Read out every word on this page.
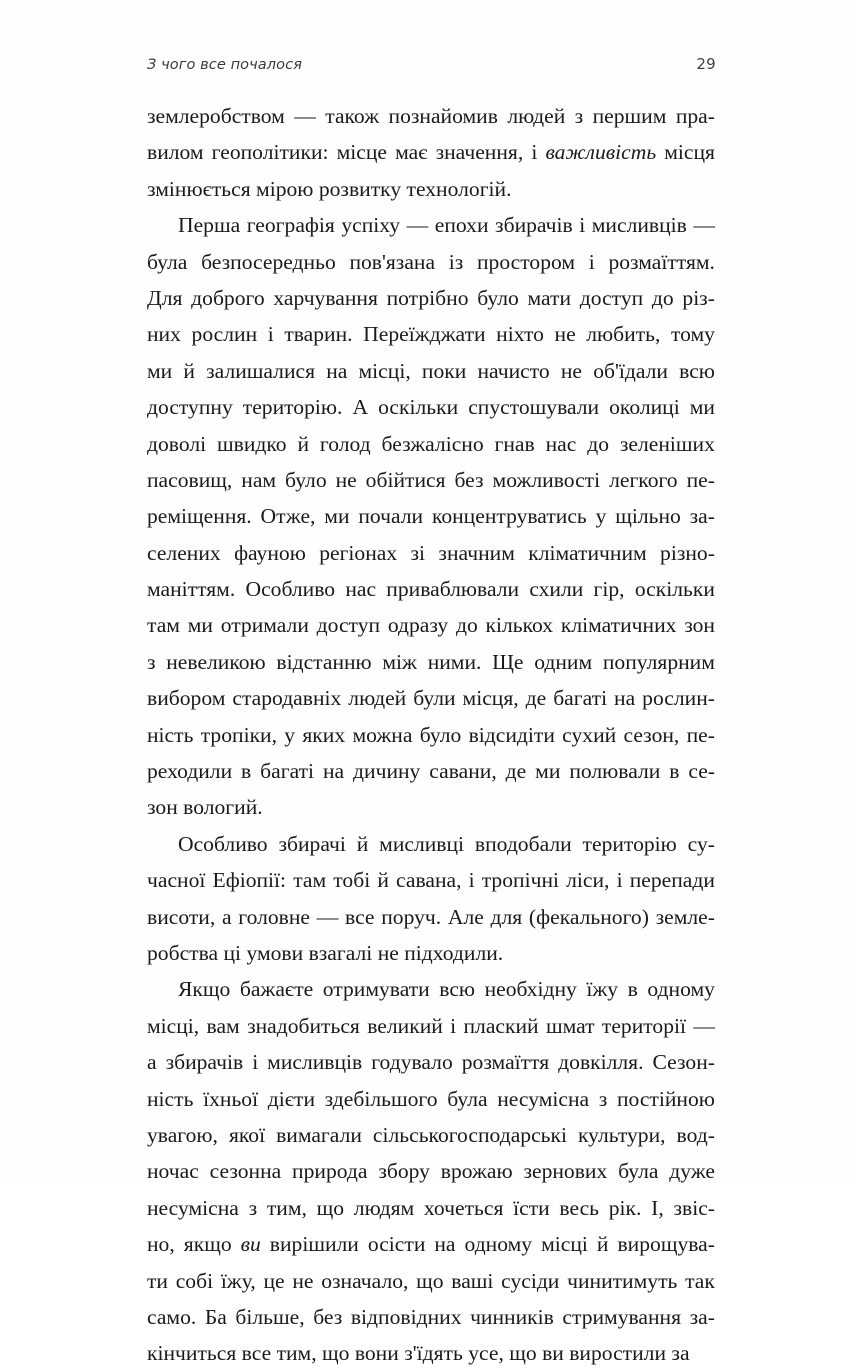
З чого все почалося	29
землеробством — також познайомив людей з першим пра-
вилом геополітики: місце має значення, і важливість місця
змінюється мірою розвитку технологій.
Перша географія успіху — епохи збирачів і мисливців —
була безпосередньо пов'язана із простором і розмаїттям.
Для доброго харчування потрібно було мати доступ до різ-
них рослин і тварин. Переїжджати ніхто не любить, тому
ми й залишалися на місці, поки начисто не об'їдали всю
доступну територію. А оскільки спустошували околиці ми
доволі швидко й голод безжалісно гнав нас до зеленіших
пасовищ, нам було не обійтися без можливості легкого пе-
реміщення. Отже, ми почали концентруватись у щільно за-
селених фауною регіонах зі значним кліматичним різно-
маніттям. Особливо нас приваблювали схили гір, оскільки
там ми отримали доступ одразу до кількох кліматичних зон
з невеликою відстанню між ними. Ще одним популярним
вибором стародавніх людей були місця, де багаті на рослин-
ність тропіки, у яких можна було відсидіти сухий сезон, пе-
реходили в багаті на дичину савани, де ми полювали в се-
зон вологий.
Особливо збирачі й мисливці вподобали територію су-
часної Ефіопії: там тобі й савана, і тропічні ліси, і перепади
висоти, а головне — все поруч. Але для (фекального) земле-
робства ці умови взагалі не підходили.
Якщо бажаєте отримувати всю необхідну їжу в одному
місці, вам знадобиться великий і плаский шмат території —
а збирачів і мисливців годувало розмаїття довкілля. Сезон-
ність їхньої дієти здебільшого була несумісна з постійною
увагою, якої вимагали сільськогосподарські культури, вод-
ночас сезонна природа збору врожаю зернових була дуже
несумісна з тим, що людям хочеться їсти весь рік. І, звіс-
но, якщо ви вирішили осісти на одному місці й вирощува-
ти собі їжу, це не означало, що ваші сусіди чинитимуть так
само. Ба більше, без відповідних чинників стримування за-
кінчиться все тим, що вони з'їдять усе, що ви виростили за
